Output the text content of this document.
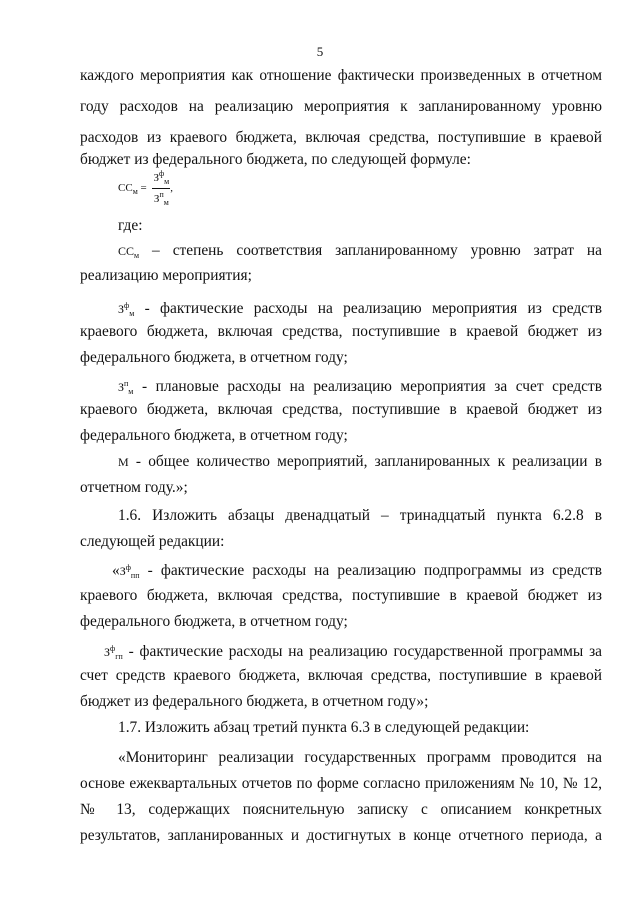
5
каждого мероприятия как отношение фактически произведенных в отчетном
году расходов на реализацию мероприятия к запланированному уровню
расходов из краевого бюджета, включая средства, поступившие в краевой
бюджет из федерального бюджета, по следующей формуле:
$СС_м = \frac{З^ф_м}{З^п_м}$ ,
где:
$СС_м$ – степень соответствия запланированному уровню затрат на
реализацию мероприятия;
$З^ф_м$ - фактические расходы на реализацию мероприятия из средств
краевого бюджета, включая средства, поступившие в краевой бюджет из
федерального бюджета, в отчетном году;
$З^п_м$ - плановые расходы на реализацию мероприятия за счет средств
краевого бюджета, включая средства, поступившие в краевой бюджет из
федерального бюджета, в отчетном году;
М - общее количество мероприятий, запланированных к реализации в
отчетном году.»;
1.6. Изложить абзацы двенадцатый – тринадцатый пункта 6.2.8 в
следующей редакции:
«$З^ф_{пп}$ - фактические расходы на реализацию подпрограммы из средств
краевого бюджета, включая средства, поступившие в краевой бюджет из
федерального бюджета, в отчетном году;
$З^ф_{гп}$ - фактические расходы на реализацию государственной программы за
счет средств краевого бюджета, включая средства, поступившие в краевой
бюджет из федерального бюджета, в отчетном году»;
1.7. Изложить абзац третий пункта 6.3 в следующей редакции:
«Мониторинг реализации государственных программ проводится на
основе ежеквартальных отчетов по форме согласно приложениям № 10, № 12,
№ 13, содержащих пояснительную записку с описанием конкретных
результатов, запланированных и достигнутых в конце отчетного периода, а
